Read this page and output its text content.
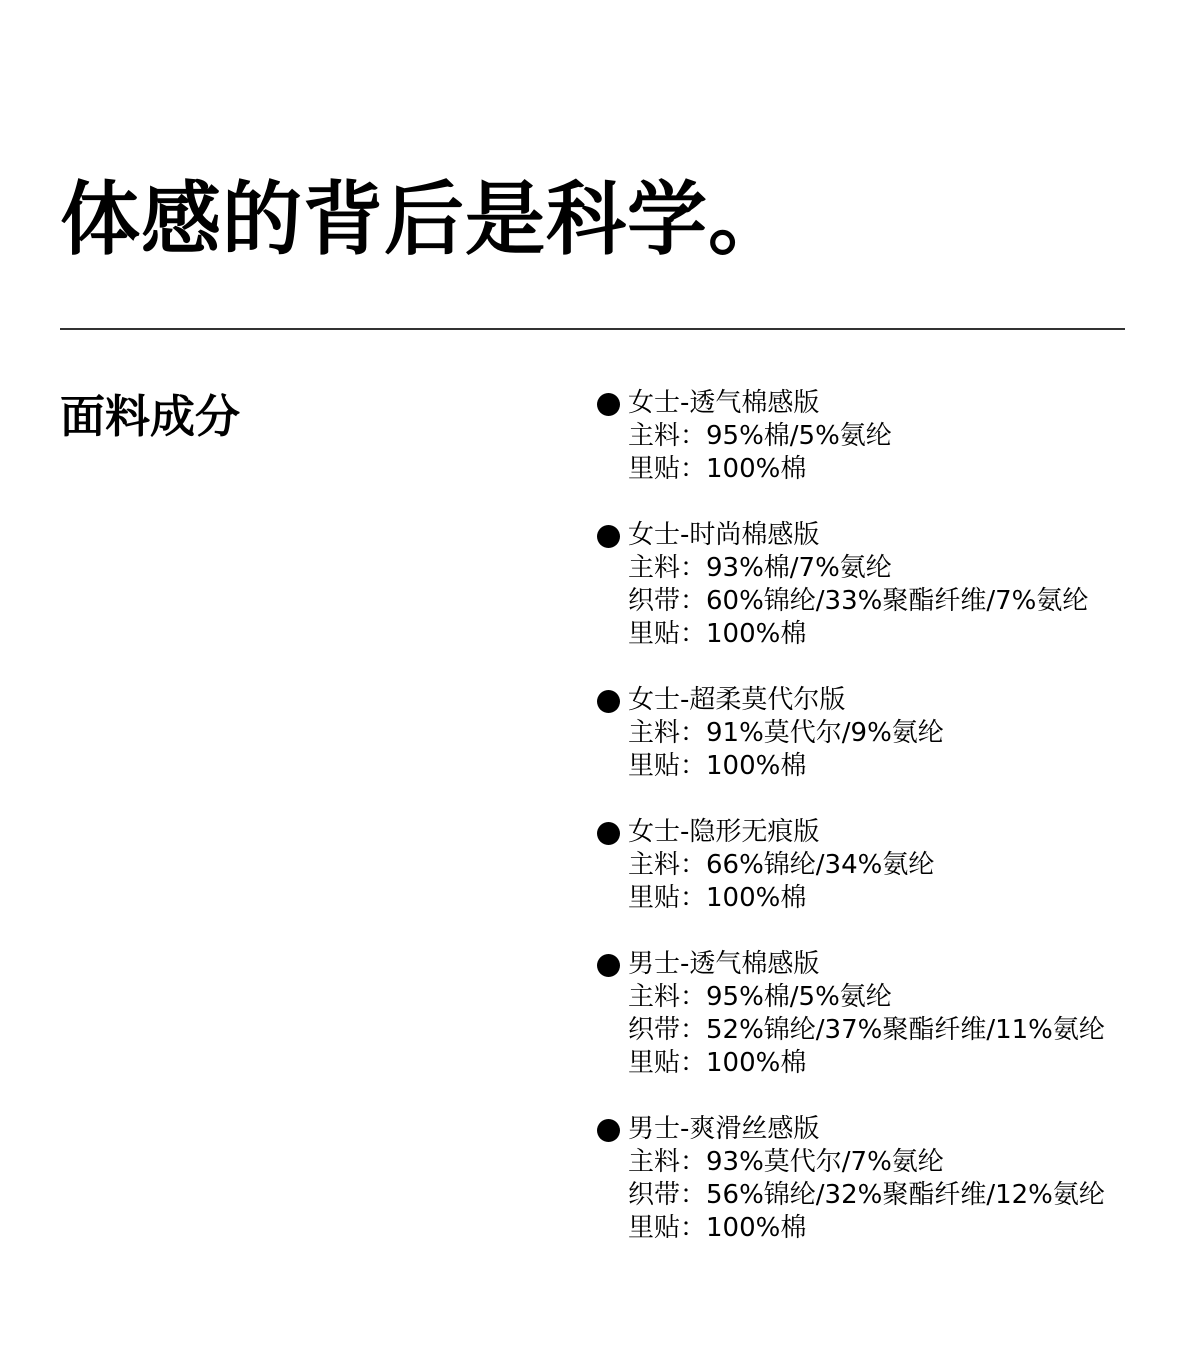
体感的背后是科学。
面料成分	女士-透气棉感版
主料：95%棉/5%氨纶
里贴：100%棉
女士-时尚棉感版
主料：93%棉/7%氨纶
织带：60%锦纶/33%聚酯纤维/7%氨纶
里贴：100%棉
女士-超柔莫代尔版
主料：91%莫代尔/9%氨纶
里贴：100%棉
女士-隐形无痕版
主料：66%锦纶/34%氨纶
里贴：100%棉
男士-透气棉感版
主料：95%棉/5%氨纶
织带：52%锦纶/37%聚酯纤维/11%氨纶
里贴：100%棉
男士-爽滑丝感版
主料：93%莫代尔/7%氨纶
织带：56%锦纶/32%聚酯纤维/12%氨纶
里贴：100%棉
